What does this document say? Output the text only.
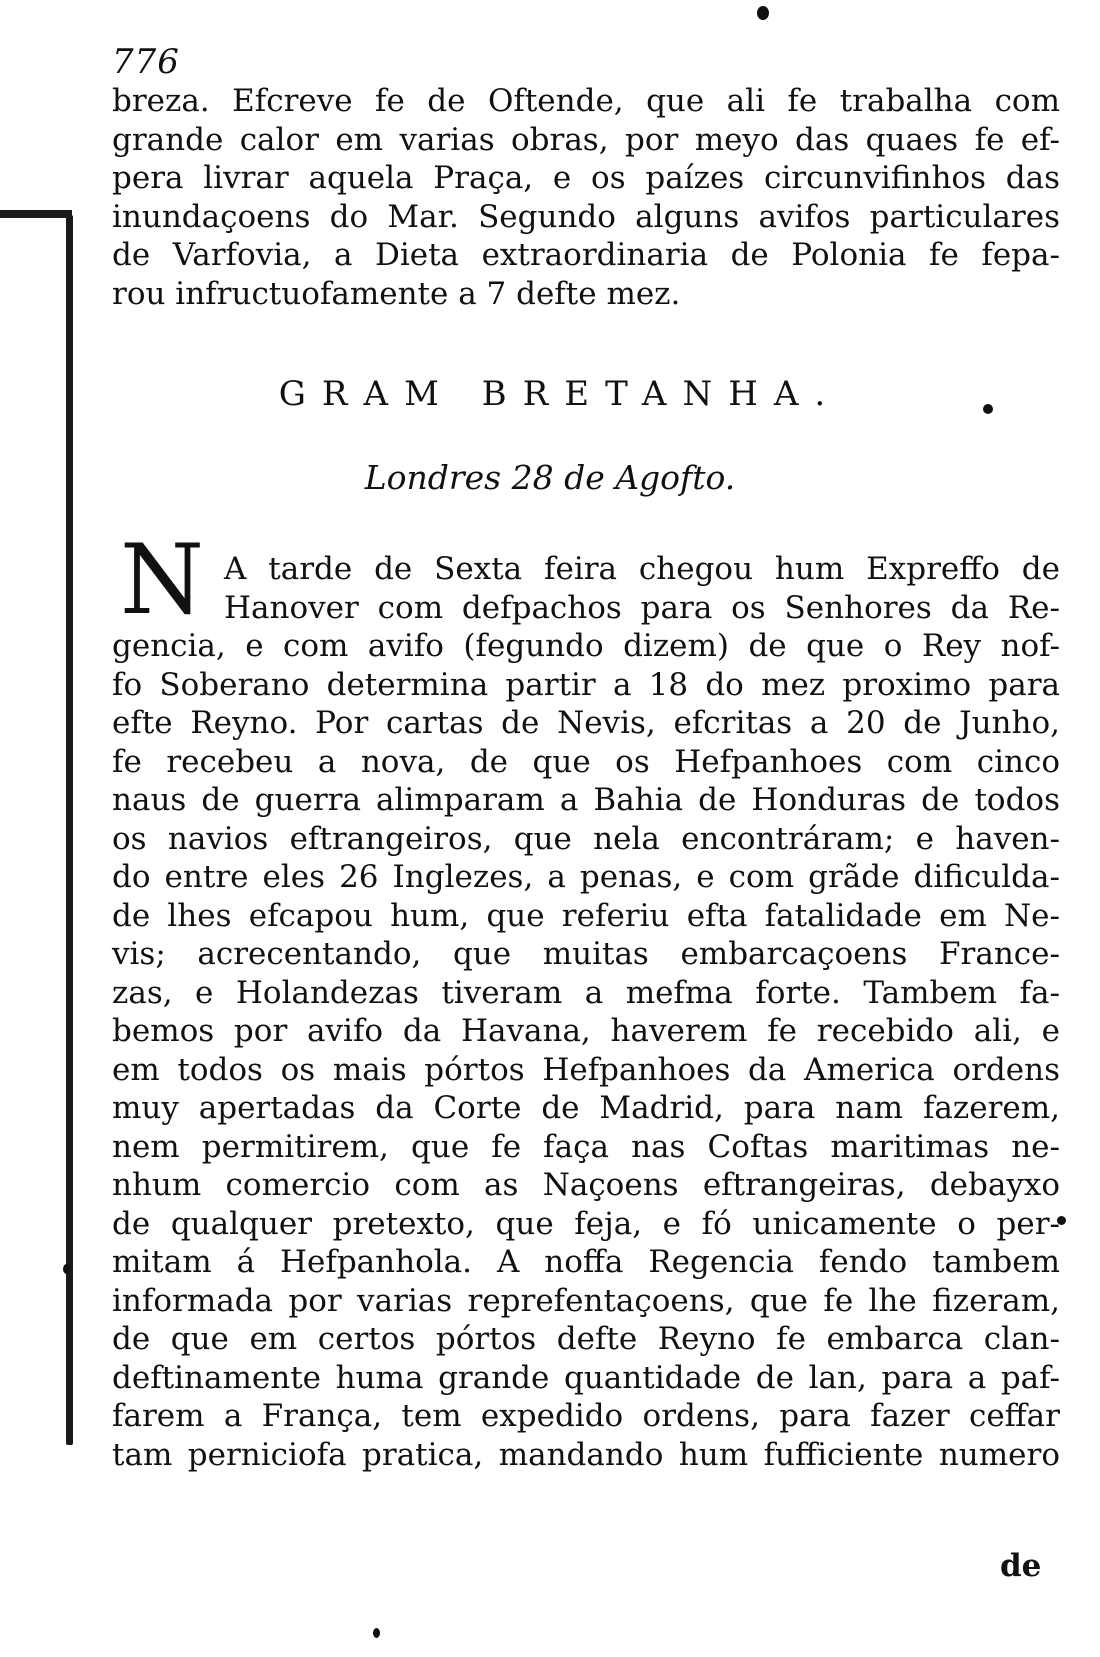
776
breza. Efcreve fe de Oftende, que ali fe trabalha com
grande calor em varias obras, por meyo das quaes fe ef-
pera livrar aquela Praça, e os paízes circunvifinhos das
inundaçoens do Mar. Segundo alguns avifos particulares
de Varfovia, a Dieta extraordinaria de Polonia fe fepa-
rou infructuofamente a 7 defte mez.
GRAM BRETANHA.
Londres 28 de Agofto.
N A tarde de Sexta feira chegou hum Expreffo de
Hanover com defpachos para os Senhores da Re-
gencia, e com avifo (fegundo dizem) de que o Rey nof-
fo Soberano determina partir a 18 do mez proximo para
efte Reyno. Por cartas de Nevis, efcritas a 20 de Junho,
fe recebeu a nova, de que os Hefpanhoes com cinco
naus de guerra alimparam a Bahia de Honduras de todos
os navios eftrangeiros, que nela encontráram; e haven-
do entre eles 26 Inglezes, a penas, e com grãde dificulda-
de lhes efcapou hum, que referiu efta fatalidade em Ne-
vis; acrecentando, que muitas embarcaçoens France-
zas, e Holandezas tiveram a mefma forte. Tambem fa-
bemos por avifo da Havana, haverem fe recebido ali, e
em todos os mais pórtos Hefpanhoes da America ordens
muy apertadas da Corte de Madrid, para nam fazerem,
nem permitirem, que fe faça nas Coftas maritimas ne-
nhum comercio com as Naçoens eftrangeiras, debayxo
de qualquer pretexto, que feja, e fó unicamente o per-
mitam á Hefpanhola. A noffa Regencia fendo tambem
informada por varias reprefentaçoens, que fe lhe fizeram,
de que em certos pórtos defte Reyno fe embarca clan-
deftinamente huma grande quantidade de lan, para a paf-
farem a França, tem expedido ordens, para fazer ceffar
tam perniciofa pratica, mandando hum fufficiente numero
de
